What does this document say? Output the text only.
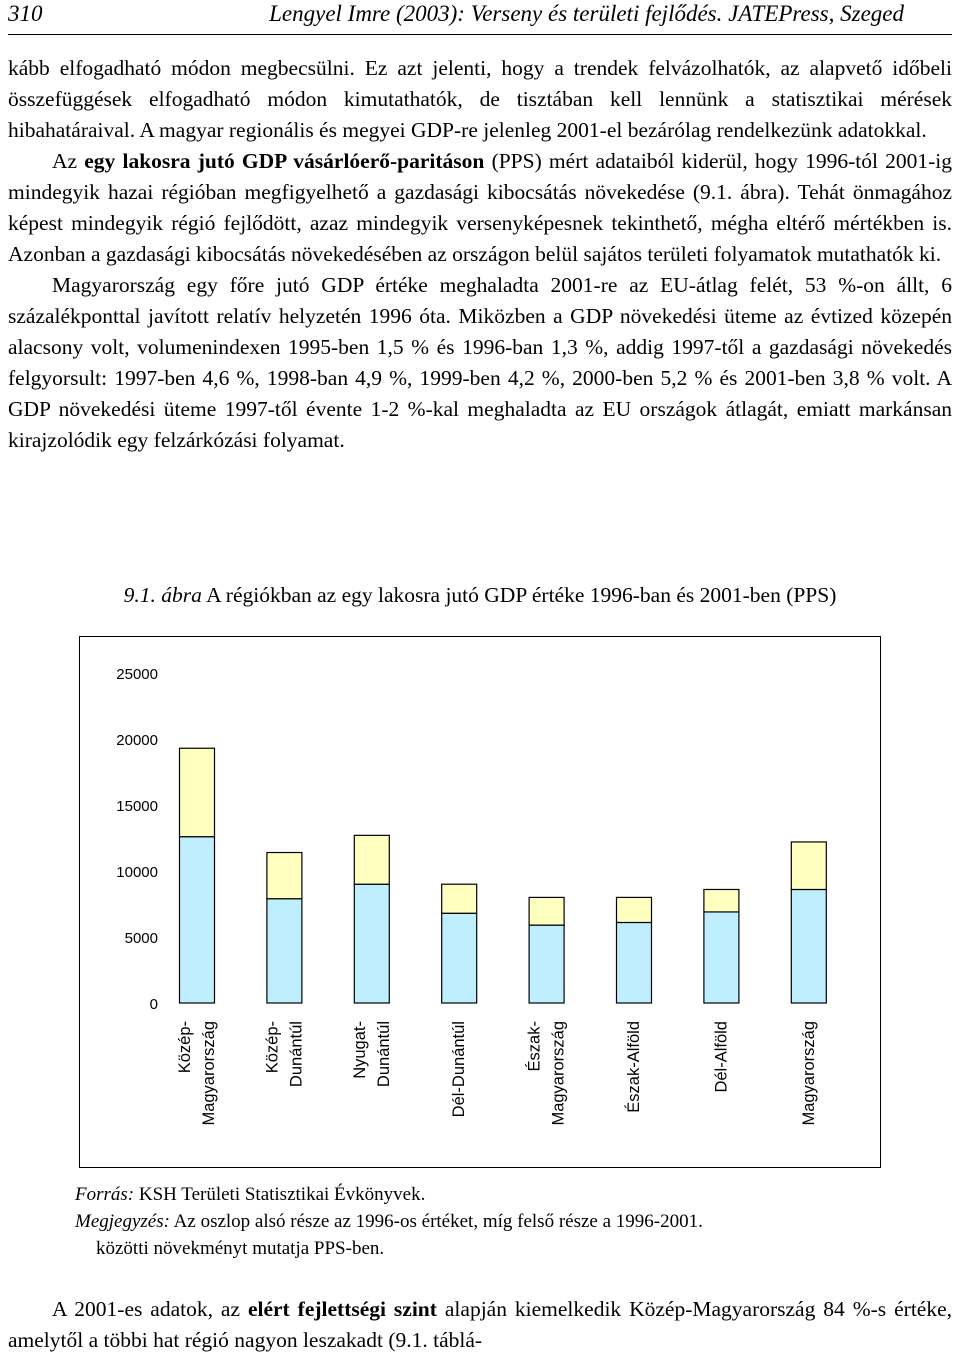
310	Lengyel Imre (2003): Verseny és területi fejlődés. JATEPress, Szeged

kább elfogadható módon megbecsülni. Ez azt jelenti, hogy a trendek felvázolhatók, az alapvető időbeli összefüggések elfogadható módon kimutathatók, de tisztában kell lennünk a statisztikai mérések hibahatáraival. A magyar regionális és megyei GDP-re jelenleg 2001-el bezárólag rendelkezünk adatokkal.

Az egy lakosra jutó GDP vásárlóerő-paritáson (PPS) mért adataiból kiderül, hogy 1996-tól 2001-ig mindegyik hazai régióban megfigyelhető a gazdasági kibocsátás növekedése (9.1. ábra). Tehát önmagához képest mindegyik régió fejlődött, azaz mindegyik versenyképesnek tekinthető, mégha eltérő mértékben is. Azonban a gazdasági kibocsátás növekedésében az országon belül sajátos területi folyamatok mutathatók ki.

Magyarország egy főre jutó GDP értéke meghaladta 2001-re az EU-átlag felét, 53 %-on állt, 6 százalékponttal javított relatív helyzetén 1996 óta. Miközben a GDP növekedési üteme az évtized közepén alacsony volt, volumenindexen 1995-ben 1,5 % és 1996-ban 1,3 %, addig 1997-től a gazdasági növekedés felgyorsult: 1997-ben 4,6 %, 1998-ban 4,9 %, 1999-ben 4,2 %, 2000-ben 5,2 % és 2001-ben 3,8 % volt. A GDP növekedési üteme 1997-től évente 1-2 %-kal meghaladta az EU országok átlagát, emiatt markánsan kirajzolódik egy felzárkózási folyamat.

9.1. ábra A régiókban az egy lakosra jutó GDP értéke 1996-ban és 2001-ben (PPS)
0
5000
10000
15000
20000
25000
Közép- Magyarország	Közép- Dunántúl	Nyugat- Dunántúl	Dél-Dunántúl	Észak- Magyarország	Észak-Alföld	Dél-Alföld	Magyarország
Forrás: KSH Területi Statisztikai Évkönyvek.
Megjegyzés: Az oszlop alsó része az 1996-os értéket, míg felső része a 1996-2001.
közötti növekményt mutatja PPS-ben.

A 2001-es adatok, az elért fejlettségi szint alapján kiemelkedik Közép-Magyarország 84 %-s értéke, amelytől a többi hat régió nagyon leszakadt (9.1. táblá-
